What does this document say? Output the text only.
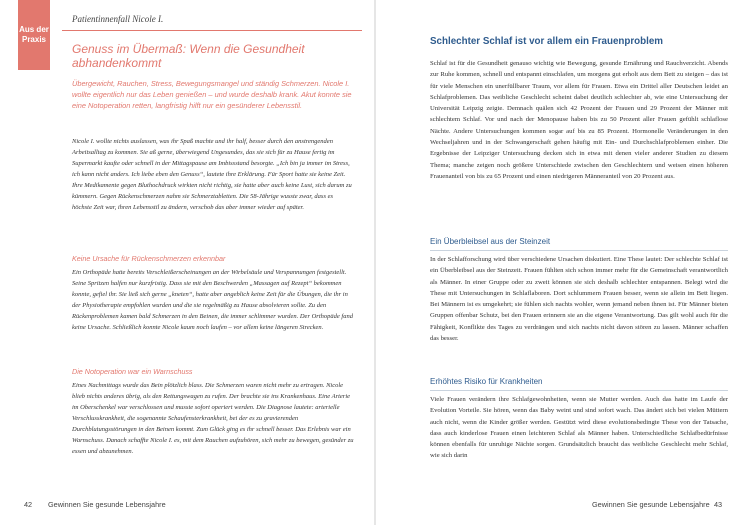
Aus der Praxis
Patientinnenfall Nicole I.
Genuss im Übermaß: Wenn die Gesundheit abhandenkommt
Übergewicht, Rauchen, Stress, Bewegungsmangel und ständig Schmerzen. Nicole I. wollte eigentlich nur das Leben genießen – und wurde deshalb krank. Akut konnte sie eine Notoperation retten, langfristig hilft nur ein gesünderer Lebensstil.
Nicole I. wollte nichts auslassen, was ihr Spaß machte und ihr half, besser durch den anstrengenden Arbeitsalltag zu kommen. Sie aß gerne, überwiegend Ungesundes, das sie sich für zu Hause fertig im Supermarkt kaufte oder schnell in der Mittagspause am Imbissstand besorgte. „Ich bin ja immer im Stress, ich kann nicht anders. Ich liebe eben den Genuss“, lautete ihre Erklärung. Für Sport hatte sie keine Zeit. Ihre Medikamente gegen Bluthochdruck wirkten nicht richtig, sie hatte aber auch keine Lust, sich darum zu kümmern. Gegen Rückenschmerzen nahm sie Schmerztabletten. Die 58-Jährige wusste zwar, dass es höchste Zeit war, ihren Lebensstil zu ändern, verschob das aber immer wieder auf später.
Keine Ursache für Rückenschmerzen erkennbar
Ein Orthopäde hatte bereits Verschleißerscheinungen an der Wirbelsäule und Verspannungen festgestellt. Seine Spritzen halfen nur kurzfristig. Dass sie mit den Beschwerden „Massagen auf Rezept“ bekommen konnte, gefiel ihr. Sie ließ sich gerne „kneten“, hatte aber angeblich keine Zeit für die Übungen, die ihr in der Physiotherapie empfohlen wurden und die sie regelmäßig zu Hause absolvieren sollte. Zu den Rückenproblemen kamen bald Schmerzen in den Beinen, die immer schlimmer wurden. Der Orthopäde fand keine Ursache. Schließlich konnte Nicole kaum noch laufen – vor allem keine längeren Strecken.
Die Notoperation war ein Warnschuss
Eines Nachmittags wurde das Bein plötzlich blass. Die Schmerzen waren nicht mehr zu ertragen. Nicole blieb nichts anderes übrig, als den Rettungswagen zu rufen. Der brachte sie ins Krankenhaus. Eine Arterie im Oberschenkel war verschlossen und musste sofort operiert werden. Die Diagnose lautete: arterielle Verschlusskrankheit, die sogenannte Schaufensterkrankheit, bei der es zu gravierenden Durchblutungsstörungen in den Beinen kommt. Zum Glück ging es ihr schnell besser. Das Erlebnis war ein Warnschuss. Danach schaffte Nicole I. es, mit dem Rauchen aufzuhören, sich mehr zu bewegen, gesünder zu essen und abzunehmen.
42 Gewinnen Sie gesunde Lebensjahre
Schlechter Schlaf ist vor allem ein Frauenproblem
Schlaf ist für die Gesundheit genauso wichtig wie Bewegung, gesunde Ernährung und Rauchverzicht. Abends zur Ruhe kommen, schnell und entspannt einschlafen, um morgens gut erholt aus dem Bett zu steigen – das ist für viele Menschen ein unerfüllbarer Traum, vor allem für Frauen. Etwa ein Drittel aller Deutschen leidet an Schlafproblemen. Das weibliche Geschlecht scheint dabei deutlich schlechter ab, wie eine Untersuchung der Universität Leipzig zeigte. Demnach quälen sich 42 Prozent der Frauen und 29 Prozent der Männer mit schlechtem Schlaf. Vor und nach der Menopause haben bis zu 50 Prozent aller Frauen gefühlt schlaflose Nächte. Andere Untersuchungen kommen sogar auf bis zu 85 Prozent. Hormonelle Veränderungen in den Wechseljahren und in der Schwangerschaft gehen häufig mit Ein- und Durchschlafproblemen einher. Die Ergebnisse der Leipziger Untersuchung decken sich in etwa mit denen vieler anderer Studien zu diesem Thema; manche zeigen noch größere Unterschiede zwischen den Geschlechtern und weisen einen höheren Frauenanteil von bis zu 65 Prozent und einen niedrigeren Männeranteil von 20 Prozent aus.
Ein Überbleibsel aus der Steinzeit
In der Schlafforschung wird über verschiedene Ursachen diskutiert. Eine These lautet: Der schlechte Schlaf ist ein Überbleibsel aus der Steinzeit. Frauen fühlten sich schon immer mehr für die Gemeinschaft verantwortlich als Männer. In einer Gruppe oder zu zweit können sie sich deshalb schlechter entspannen. Belegt wird die These mit Untersuchungen in Schlaflaboren. Dort schlummern Frauen besser, wenn sie allein im Bett liegen. Bei Männern ist es umgekehrt; sie fühlen sich nachts wohler, wenn jemand neben ihnen ist. Für Männer bieten Gruppen offenbar Schutz, bei den Frauen erinnern sie an die eigene Verantwortung. Das gilt wohl auch für die Fähigkeit, Konflikte des Tages zu verdrängen und sich nachts nicht davon stören zu lassen. Männer schaffen das besser.
Erhöhtes Risiko für Krankheiten
Viele Frauen verändern ihre Schlafgewohnheiten, wenn sie Mutter werden. Auch das hatte im Laufe der Evolution Vorteile. Sie hören, wenn das Baby weint und sind sofort wach. Das ändert sich bei vielen Müttern auch nicht, wenn die Kinder größer werden. Gestützt wird diese evolutionsbedingte These von der Tatsache, dass auch kinderlose Frauen einen leichteren Schlaf als Männer haben. Unterschiedliche Schlafbedürfnisse können ebenfalls für unruhige Nächte sorgen. Grundsätzlich braucht das weibliche Geschlecht mehr Schlaf, wie sich darin
Gewinnen Sie gesunde Lebensjahre 43
